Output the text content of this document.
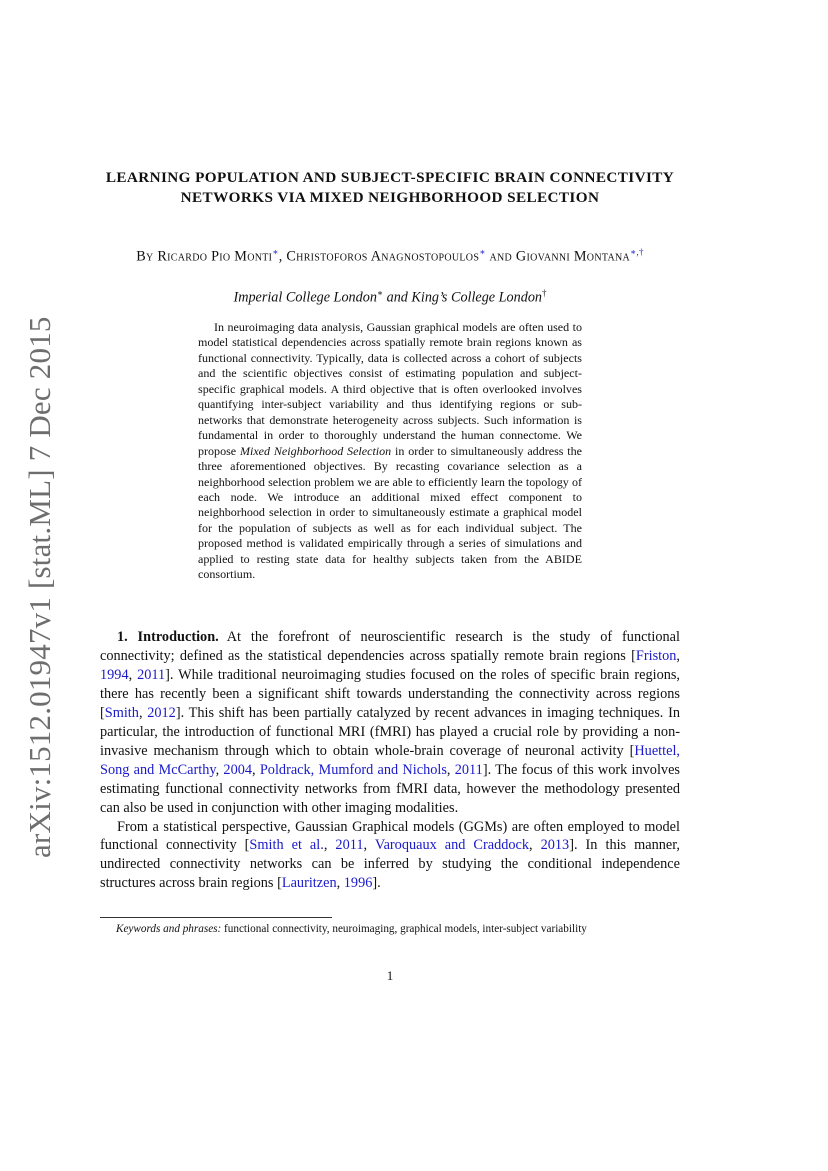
arXiv:1512.01947v1 [stat.ML] 7 Dec 2015
LEARNING POPULATION AND SUBJECT-SPECIFIC BRAIN CONNECTIVITY NETWORKS VIA MIXED NEIGHBORHOOD SELECTION
By Ricardo Pio Monti∗, Christoforos Anagnostopoulos∗ and Giovanni Montana∗,†
Imperial College London∗ and King’s College London†
In neuroimaging data analysis, Gaussian graphical models are often used to model statistical dependencies across spatially remote brain regions known as functional connectivity. Typically, data is collected across a cohort of subjects and the scientific objectives consist of estimating population and subject-specific graphical models. A third objective that is often overlooked involves quantifying inter-subject variability and thus identifying regions or sub-networks that demonstrate heterogeneity across subjects. Such information is fundamental in order to thoroughly understand the human connectome. We propose Mixed Neighborhood Selection in order to simultaneously address the three aforementioned objectives. By recasting covariance selection as a neighborhood selection problem we are able to efficiently learn the topology of each node. We introduce an additional mixed effect component to neighborhood selection in order to simultaneously estimate a graphical model for the population of subjects as well as for each individual subject. The proposed method is validated empirically through a series of simulations and applied to resting state data for healthy subjects taken from the ABIDE consortium.

1. Introduction. At the forefront of neuroscientific research is the study of functional connectivity; defined as the statistical dependencies across spatially remote brain regions [Friston, 1994, 2011]. While traditional neuroimaging studies focused on the roles of specific brain regions, there has recently been a significant shift towards understanding the connectivity across regions [Smith, 2012]. This shift has been partially catalyzed by recent advances in imaging techniques. In particular, the introduction of functional MRI (fMRI) has played a crucial role by providing a non-invasive mechanism through which to obtain whole-brain coverage of neuronal activity [Huettel, Song and McCarthy, 2004, Poldrack, Mumford and Nichols, 2011]. The focus of this work involves estimating functional connectivity networks from fMRI data, however the methodology presented can also be used in conjunction with other imaging modalities.

From a statistical perspective, Gaussian Graphical models (GGMs) are often employed to model functional connectivity [Smith et al., 2011, Varoquaux and Craddock, 2013]. In this manner, undirected connectivity networks can be inferred by studying the conditional independence structures across brain regions [Lauritzen, 1996].

Keywords and phrases: functional connectivity, neuroimaging, graphical models, inter-subject variability
1
